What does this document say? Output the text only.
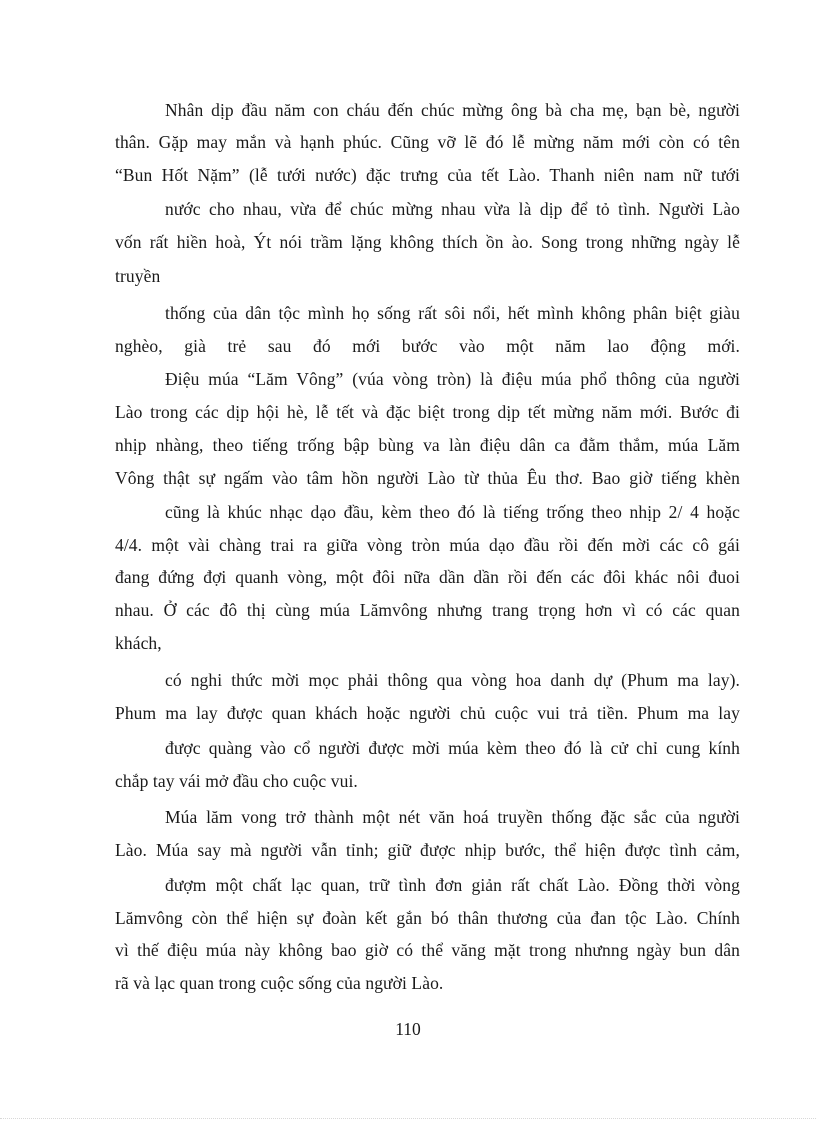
Nhân dịp đầu năm con cháu đến chúc mừng ông bà cha mẹ, bạn bè, người
thân. Gặp may mắn và hạnh phúc. Cũng vỡ lẽ đó lễ mừng năm mới còn có tên
“Bun Hốt Nặm” (lễ tưới nước) đặc trưng của tết Lào. Thanh niên nam nữ tưới
nước cho nhau, vừa để chúc mừng nhau vừa là dịp để tỏ tình. Người Lào
vốn rất hiền hoà, Ýt nói trầm lặng không thích ồn ào. Song trong những ngày lễ
truyền
thống của dân tộc mình họ sống rất sôi nổi, hết mình không phân biệt giàu
nghèo, già trẻ sau đó mới bước vào một năm lao động mới.
Điệu múa “Lăm Vông” (vúa vòng tròn) là điệu múa phổ thông của người
Lào trong các dịp hội hè, lễ tết và đặc biệt trong dịp tết mừng năm mới. Bước đi
nhịp nhàng, theo tiếng trống bập bùng va làn điệu dân ca đằm thắm, múa Lăm
Vông thật sự ngấm vào tâm hồn người Lào từ thủa Êu thơ. Bao giờ tiếng khèn
cũng là khúc nhạc dạo đầu, kèm theo đó là tiếng trống theo nhịp 2/ 4 hoặc
4/4. một vài chàng trai ra giữa vòng tròn múa dạo đầu rồi đến mời các cô gái
đang đứng đợi quanh vòng, một đôi nữa dần dần rồi đến các đôi khác nôi đuoi
nhau. Ở các đô thị cùng múa Lămvông nhưng trang trọng hơn vì có các quan
khách,
có nghi thức mời mọc phải thông qua vòng hoa danh dự (Phum ma lay).
Phum ma lay được quan khách hoặc người chủ cuộc vui trả tiền. Phum ma lay
được quàng vào cổ người được mời múa kèm theo đó là cử chỉ cung kính
chắp tay vái mở đầu cho cuộc vui.
Múa lăm vong trở thành một nét văn hoá truyền thống đặc sắc của người
Lào. Múa say mà người vẫn tỉnh; giữ được nhịp bước, thể hiện được tình cảm,
đượm một chất lạc quan, trữ tình đơn giản rất chất Lào. Đồng thời vòng
Lămvông còn thể hiện sự đoàn kết gắn bó thân thương của đan tộc Lào. Chính
vì thế điệu múa này không bao giờ có thể văng mặt trong nhưnng ngày bun dân
rã và lạc quan trong cuộc sống của người Lào.
110
